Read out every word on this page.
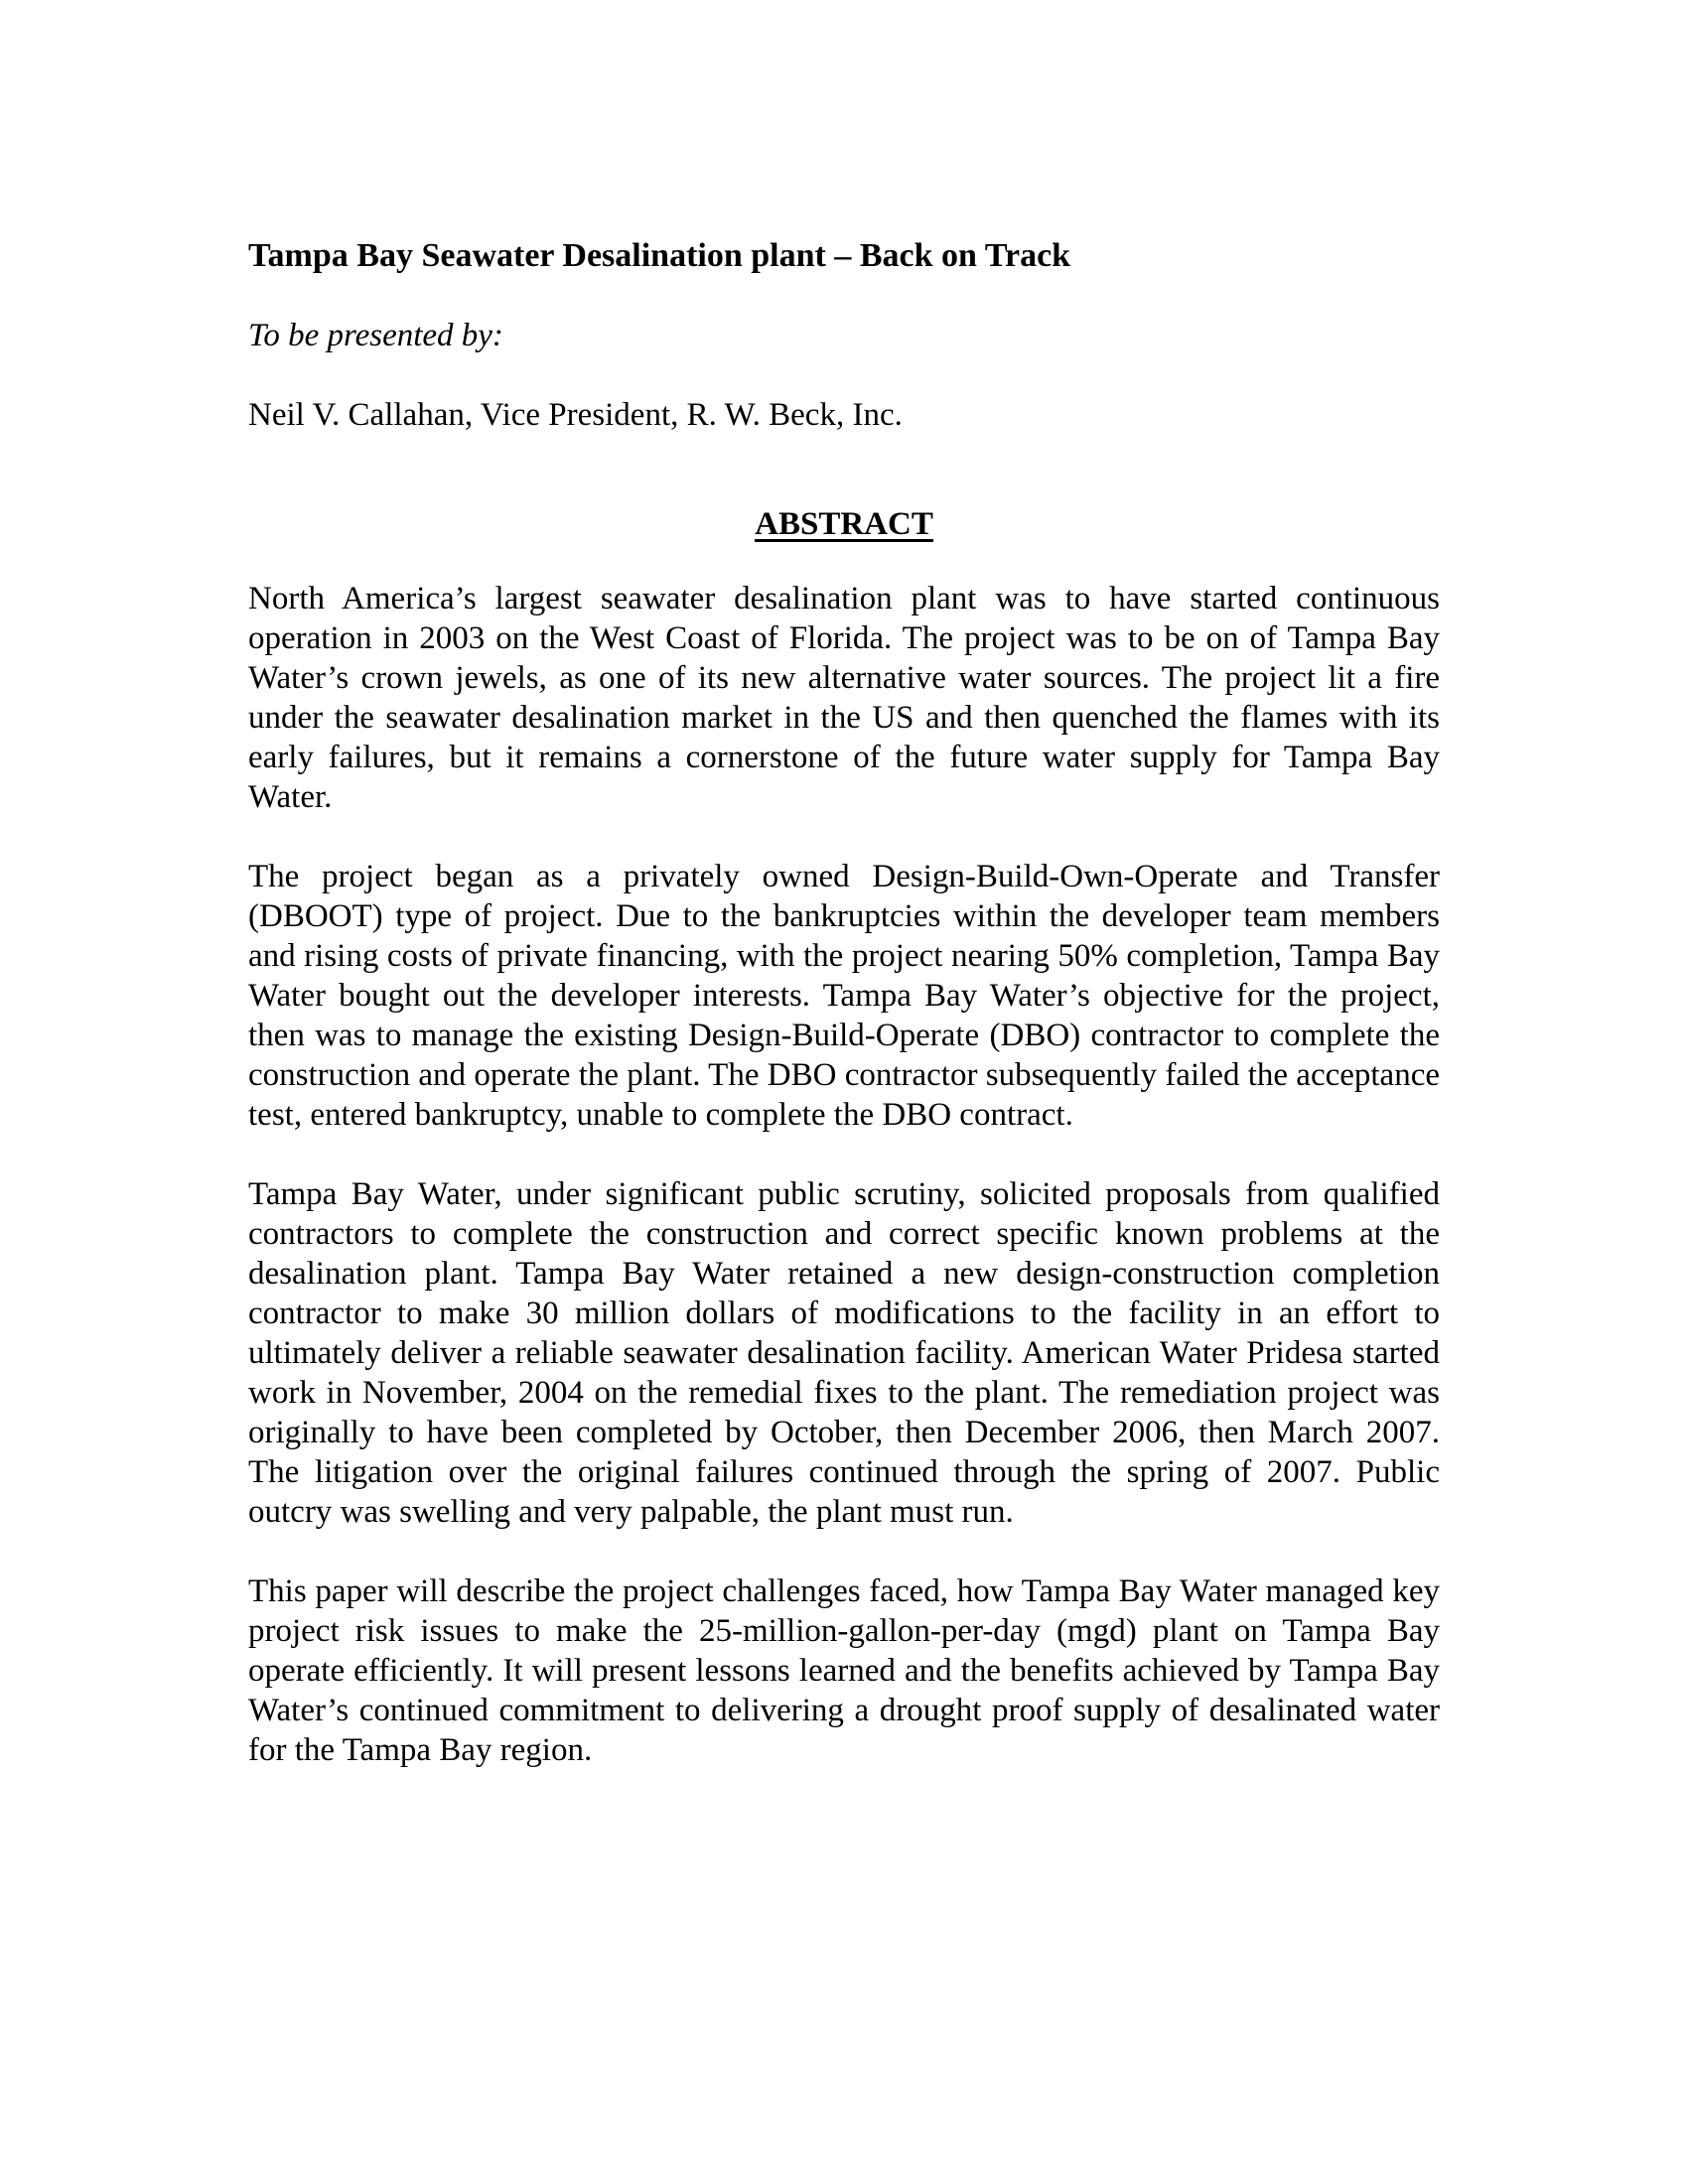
Tampa Bay Seawater Desalination plant – Back on Track

To be presented by:

Neil V. Callahan, Vice President, R. W. Beck, Inc.

ABSTRACT

North America’s largest seawater desalination plant was to have started continuous operation in 2003 on the West Coast of Florida. The project was to be on of Tampa Bay Water’s crown jewels, as one of its new alternative water sources. The project lit a fire under the seawater desalination market in the US and then quenched the flames with its early failures, but it remains a cornerstone of the future water supply for Tampa Bay Water.

The project began as a privately owned Design-Build-Own-Operate and Transfer (DBOOT) type of project. Due to the bankruptcies within the developer team members and rising costs of private financing, with the project nearing 50% completion, Tampa Bay Water bought out the developer interests. Tampa Bay Water’s objective for the project, then was to manage the existing Design-Build-Operate (DBO) contractor to complete the construction and operate the plant. The DBO contractor subsequently failed the acceptance test, entered bankruptcy, unable to complete the DBO contract.

Tampa Bay Water, under significant public scrutiny, solicited proposals from qualified contractors to complete the construction and correct specific known problems at the desalination plant. Tampa Bay Water retained a new design-construction completion contractor to make 30 million dollars of modifications to the facility in an effort to ultimately deliver a reliable seawater desalination facility. American Water Pridesa started work in November, 2004 on the remedial fixes to the plant. The remediation project was originally to have been completed by October, then December 2006, then March 2007. The litigation over the original failures continued through the spring of 2007. Public outcry was swelling and very palpable, the plant must run.

This paper will describe the project challenges faced, how Tampa Bay Water managed key project risk issues to make the 25-million-gallon-per-day (mgd) plant on Tampa Bay operate efficiently. It will present lessons learned and the benefits achieved by Tampa Bay Water’s continued commitment to delivering a drought proof supply of desalinated water for the Tampa Bay region.
